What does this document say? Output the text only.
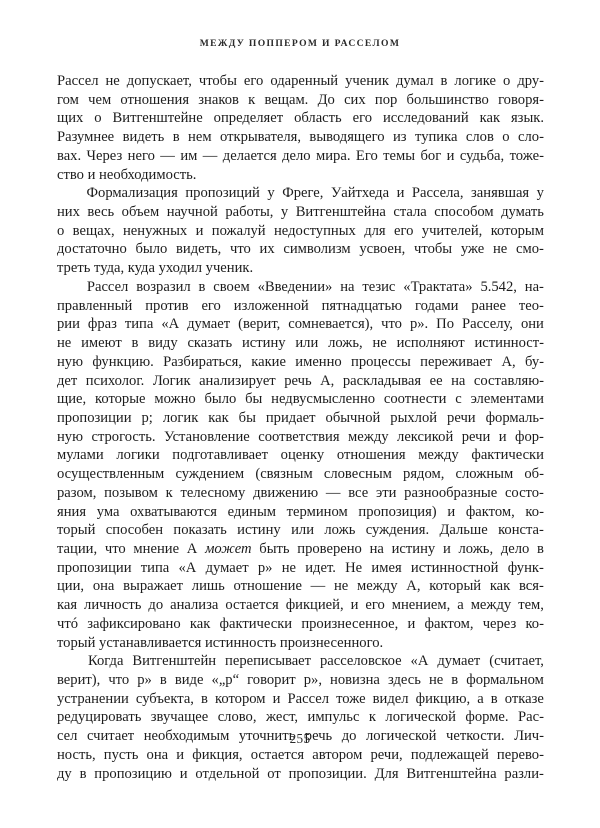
МЕЖДУ ПОППЕРОМ И РАССЕЛОМ
Рассел не допускает, чтобы его одаренный ученик думал в логике о дру-
гом чем отношения знаков к вещам. До сих пор большинство говоря-
щих о Витгенштейне определяет область его исследований как язык.
Разумнее видеть в нем открывателя, выводящего из тупика слов о сло-
вах. Через него — им — делается дело мира. Его темы бог и судьба, тоже-
ство и необходимость.
Формализация пропозиций у Фреге, Уайтхеда и Рассела, занявшая у
них весь объем научной работы, у Витгенштейна стала способом думать
о вещах, ненужных и пожалуй недоступных для его учителей, которым
достаточно было видеть, что их символизм усвоен, чтобы уже не смо-
треть туда, куда уходил ученик.
Рассел возразил в своем «Введении» на тезис «Трактата» 5.542, на-
правленный против его изложенной пятнадцатью годами ранее тео-
рии фраз типа «А думает (верит, сомневается), что p». По Расселу, они
не имеют в виду сказать истину или ложь, не исполняют истинност-
ную функцию. Разбираться, какие именно процессы переживает А, бу-
дет психолог. Логик анализирует речь А, раскладывая ее на составляю-
щие, которые можно было бы недвусмысленно соотнести с элементами
пропозиции p; логик как бы придает обычной рыхлой речи формаль-
ную строгость. Установление соответствия между лексикой речи и фор-
мулами логики подготавливает оценку отношения между фактически
осуществленным суждением (связным словесным рядом, сложным об-
разом, позывом к телесному движению — все эти разнообразные состо-
яния ума охватываются единым термином пропозиция) и фактом, ко-
торый способен показать истину или ложь суждения. Дальше конста-
тации, что мнение А может быть проверено на истину и ложь, дело в
пропозиции типа «А думает p» не идет. Не имея истинностной функ-
ции, она выражает лишь отношение — не между А, который как вся-
кая личность до анализа остается фикцией, и его мнением, а между тем,
чтó зафиксировано как фактически произнесенное, и фактом, через ко-
торый устанавливается истинность произнесенного.
Когда Витгенштейн переписывает расселовское «А думает (считает,
верит), что p» в виде «„p“ говорит p», новизна здесь не в формальном
устранении субъекта, в котором и Рассел тоже видел фикцию, а в отказе
редуцировать звучащее слово, жест, импульс к логической форме. Рас-
сел считает необходимым уточнить речь до логической четкости. Лич-
ность, пусть она и фикция, остается автором речи, подлежащей перево-
ду в пропозицию и отдельной от пропозиции. Для Витгенштейна разли-
255
